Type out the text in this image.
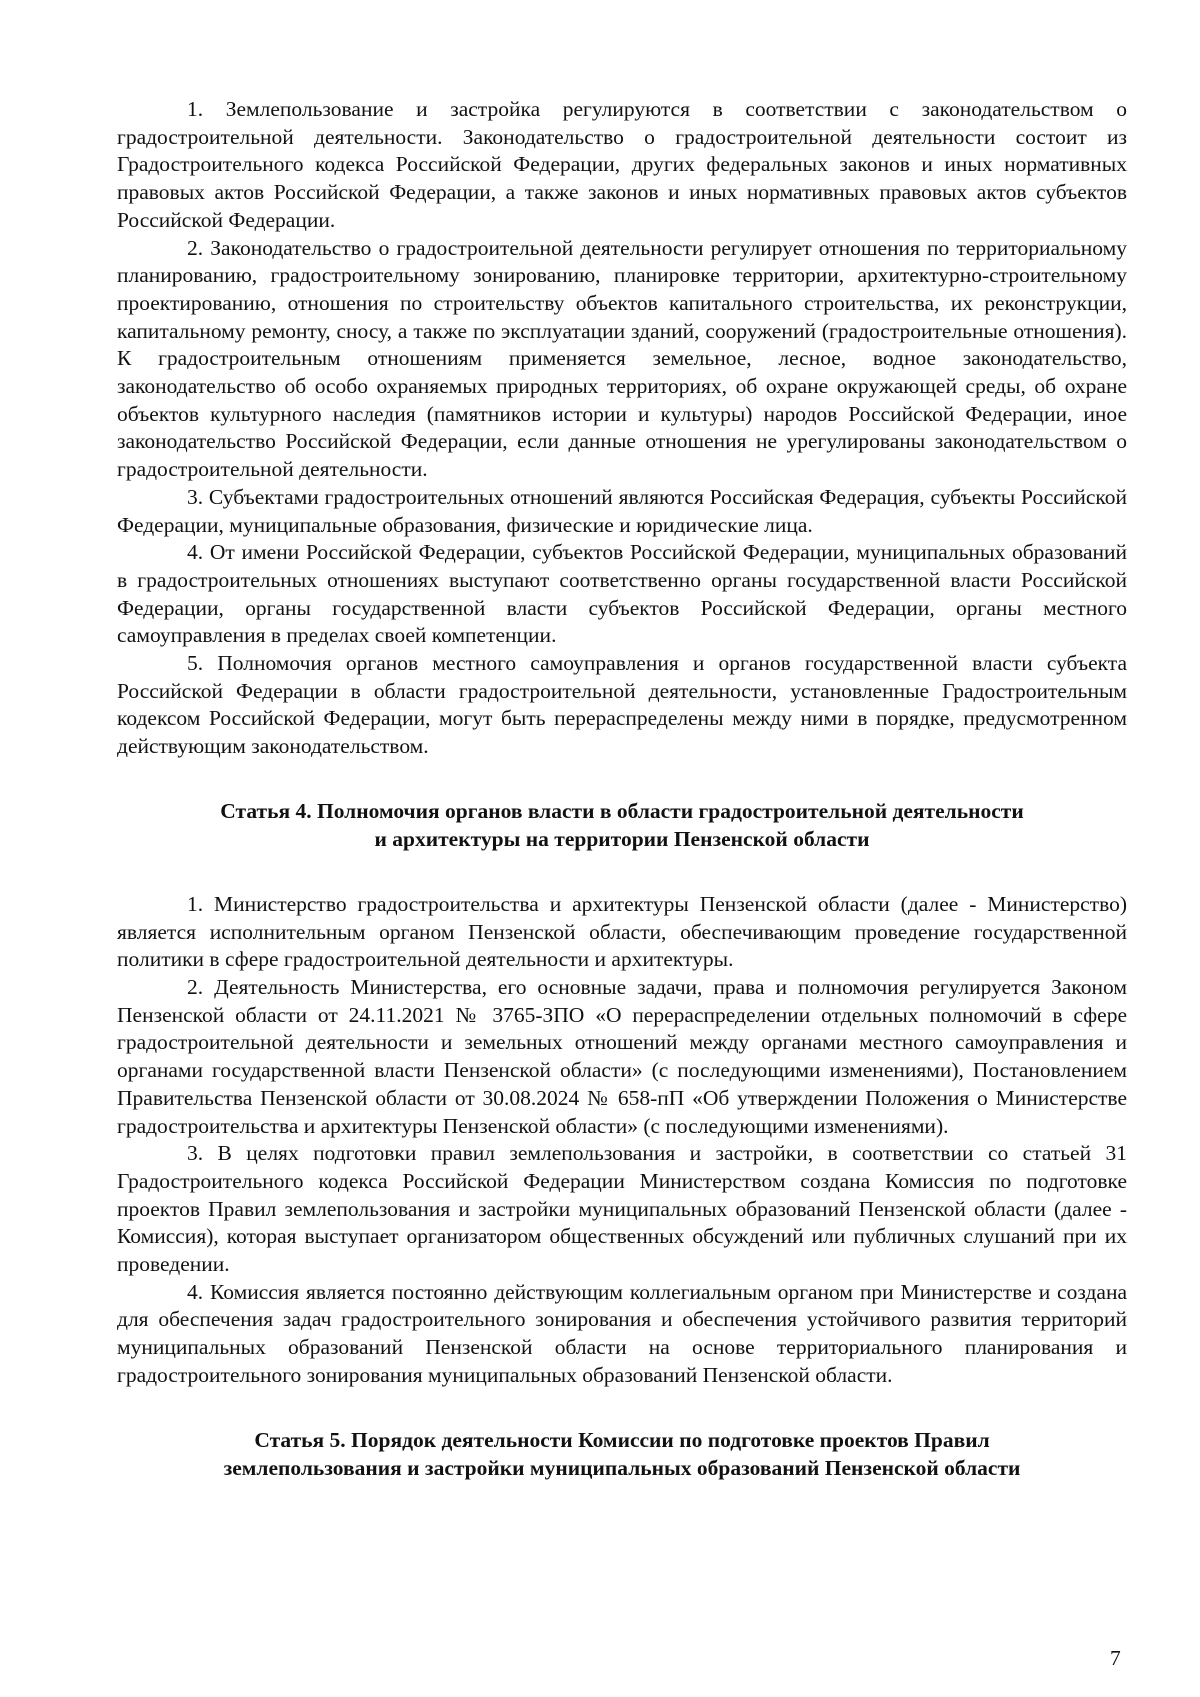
1. Землепользование и застройка регулируются в соответствии с законодательством о градостроительной деятельности. Законодательство о градостроительной деятельности состоит из Градостроительного кодекса Российской Федерации, других федеральных законов и иных нормативных правовых актов Российской Федерации, а также законов и иных нормативных правовых актов субъектов Российской Федерации.

2. Законодательство о градостроительной деятельности регулирует отношения по территориальному планированию, градостроительному зонированию, планировке территории, архитектурно-строительному проектированию, отношения по строительству объектов капитального строительства, их реконструкции, капитальному ремонту, сносу, а также по эксплуатации зданий, сооружений (градостроительные отношения). К градостроительным отношениям применяется земельное, лесное, водное законодательство, законодательство об особо охраняемых природных территориях, об охране окружающей среды, об охране объектов культурного наследия (памятников истории и культуры) народов Российской Федерации, иное законодательство Российской Федерации, если данные отношения не урегулированы законодательством о градостроительной деятельности.

3. Субъектами градостроительных отношений являются Российская Федерация, субъекты Российской Федерации, муниципальные образования, физические и юридические лица.

4. От имени Российской Федерации, субъектов Российской Федерации, муниципальных образований в градостроительных отношениях выступают соответственно органы государственной власти Российской Федерации, органы государственной власти субъектов Российской Федерации, органы местного самоуправления в пределах своей компетенции.

5. Полномочия органов местного самоуправления и органов государственной власти субъекта Российской Федерации в области градостроительной деятельности, установленные Градостроительным кодексом Российской Федерации, могут быть перераспределены между ними в порядке, предусмотренном действующим законодательством.

Статья 4. Полномочия органов власти в области градостроительной деятельности
и архитектуры на территории Пензенской области

1. Министерство градостроительства и архитектуры Пензенской области (далее - Министерство) является исполнительным органом Пензенской области, обеспечивающим проведение государственной политики в сфере градостроительной деятельности и архитектуры.

2. Деятельность Министерства, его основные задачи, права и полномочия регулируется Законом Пензенской области от 24.11.2021 № 3765-ЗПО «О перераспределении отдельных полномочий в сфере градостроительной деятельности и земельных отношений между органами местного самоуправления и органами государственной власти Пензенской области» (с последующими изменениями), Постановлением Правительства Пензенской области от 30.08.2024 № 658-пП «Об утверждении Положения о Министерстве градостроительства и архитектуры Пензенской области» (с последующими изменениями).

3. В целях подготовки правил землепользования и застройки, в соответствии со статьей 31 Градостроительного кодекса Российской Федерации Министерством создана Комиссия по подготовке проектов Правил землепользования и застройки муниципальных образований Пензенской области (далее - Комиссия), которая выступает организатором общественных обсуждений или публичных слушаний при их проведении.

4. Комиссия является постоянно действующим коллегиальным органом при Министерстве и создана для обеспечения задач градостроительного зонирования и обеспечения устойчивого развития территорий муниципальных образований Пензенской области на основе территориального планирования и градостроительного зонирования муниципальных образований Пензенской области.

Статья 5. Порядок деятельности Комиссии по подготовке проектов Правил
землепользования и застройки муниципальных образований Пензенской области
7
